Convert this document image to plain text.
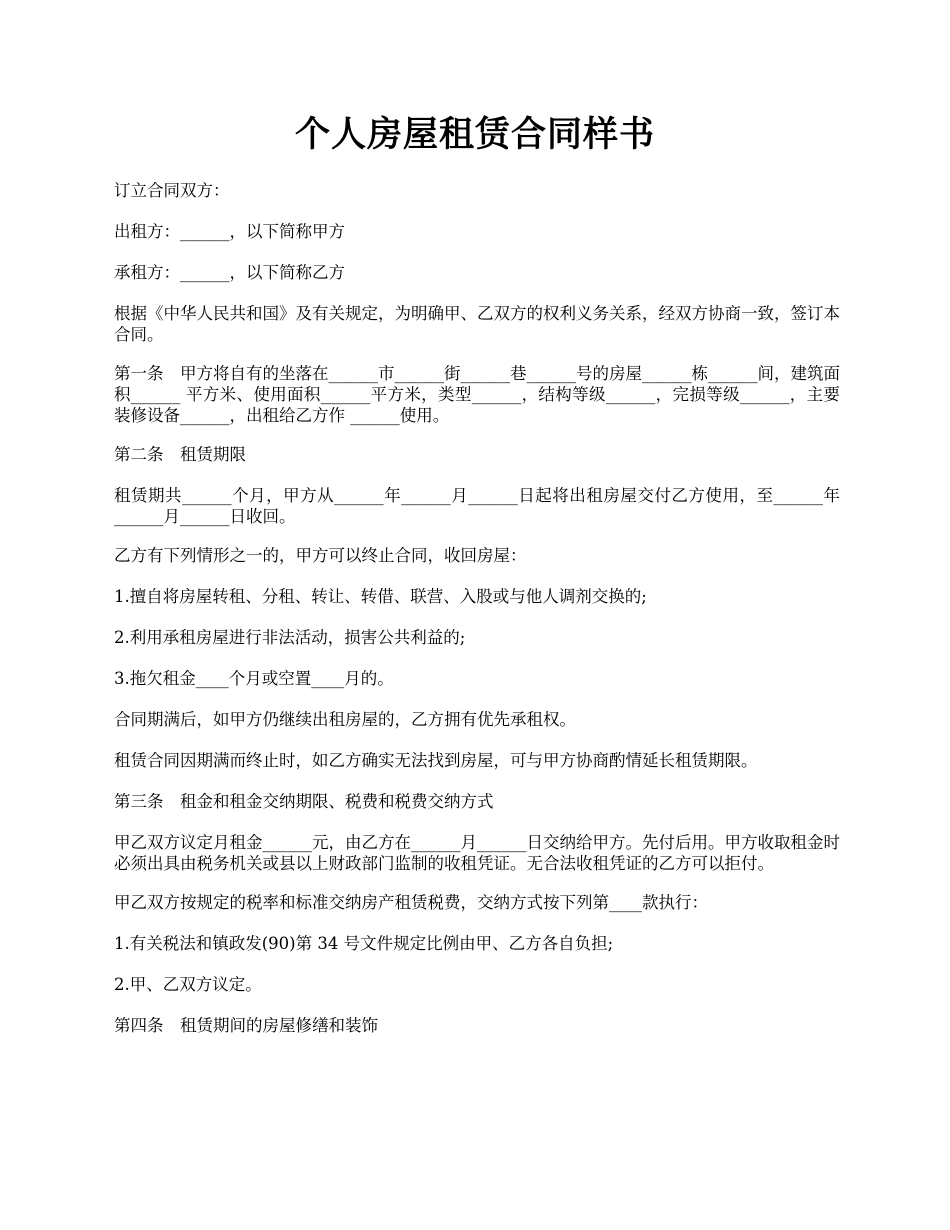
个人房屋租赁合同样书

订立合同双方：

出租方：______，以下简称甲方

承租方：______，以下简称乙方

根据《中华人民共和国》及有关规定，为明确甲、乙双方的权利义务关系，经双方协商一致，签订本合同。

第一条　甲方将自有的坐落在______市______街______巷______号的房屋______栋______间，建筑面积______ 平方米、使用面积______平方米，类型______，结构等级______，完损等级______，主要装修设备______，出租给乙方作 ______使用。

第二条　租赁期限

租赁期共______个月，甲方从______年______月______日起将出租房屋交付乙方使用，至______年______月______日收回。

乙方有下列情形之一的，甲方可以终止合同，收回房屋：

1.擅自将房屋转租、分租、转让、转借、联营、入股或与他人调剂交换的;

2.利用承租房屋进行非法活动，损害公共利益的;

3.拖欠租金____个月或空置____月的。

合同期满后，如甲方仍继续出租房屋的，乙方拥有优先承租权。

租赁合同因期满而终止时，如乙方确实无法找到房屋，可与甲方协商酌情延长租赁期限。

第三条　租金和租金交纳期限、税费和税费交纳方式

甲乙双方议定月租金______元，由乙方在______月______日交纳给甲方。先付后用。甲方收取租金时必须出具由税务机关或县以上财政部门监制的收租凭证。无合法收租凭证的乙方可以拒付。

甲乙双方按规定的税率和标准交纳房产租赁税费，交纳方式按下列第____款执行：

1.有关税法和镇政发(90)第 34 号文件规定比例由甲、乙方各自负担;

2.甲、乙双方议定。

第四条　租赁期间的房屋修缮和装饰
